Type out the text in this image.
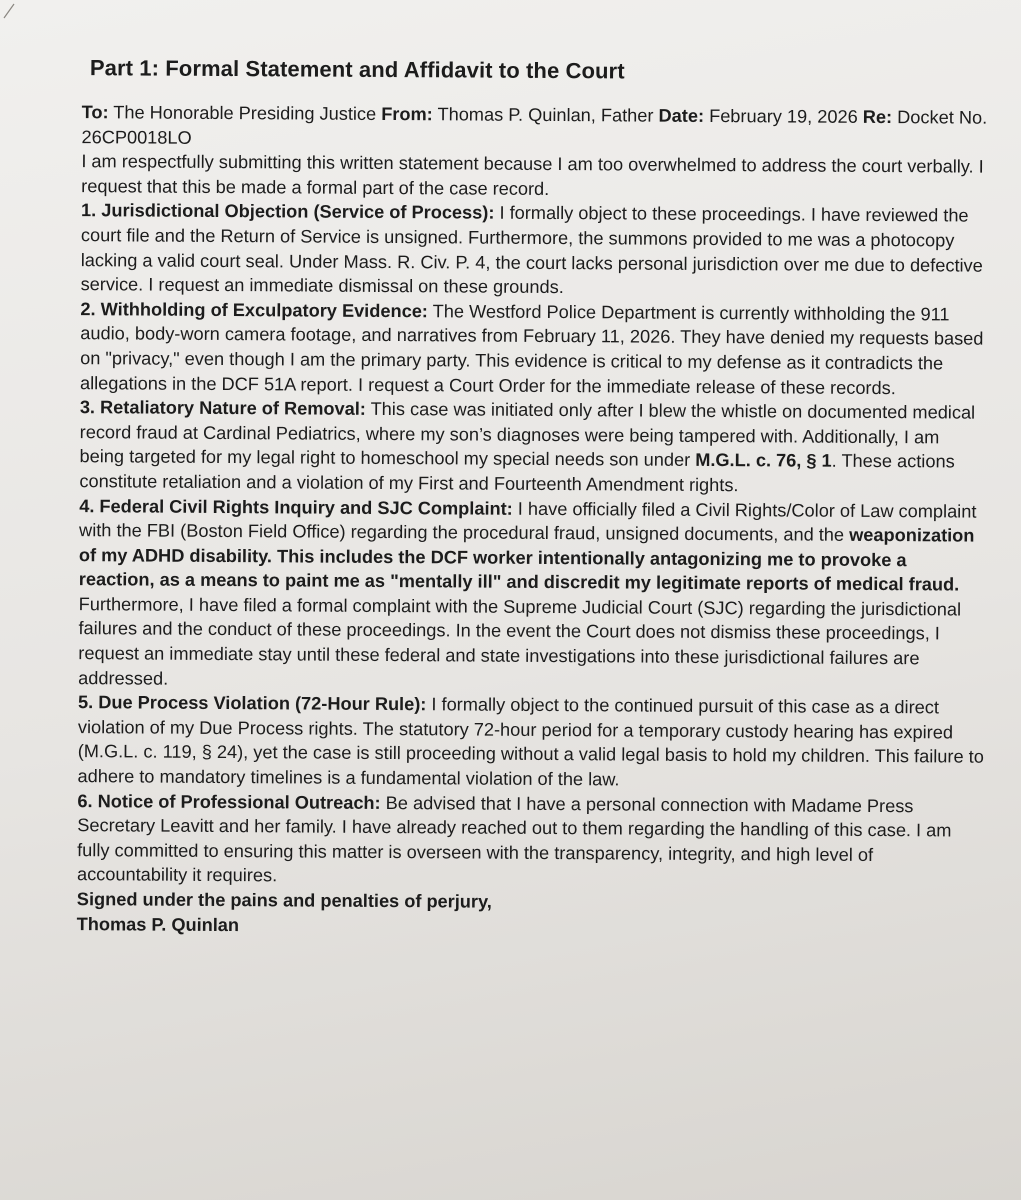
Part 1: Formal Statement and Affidavit to the Court

To: The Honorable Presiding Justice From: Thomas P. Quinlan, Father Date: February 19, 2026 Re: Docket No. 26CP0018LO

I am respectfully submitting this written statement because I am too overwhelmed to address the court verbally. I request that this be made a formal part of the case record.

1. Jurisdictional Objection (Service of Process): I formally object to these proceedings. I have reviewed the court file and the Return of Service is unsigned. Furthermore, the summons provided to me was a photocopy lacking a valid court seal. Under Mass. R. Civ. P. 4, the court lacks personal jurisdiction over me due to defective service. I request an immediate dismissal on these grounds.

2. Withholding of Exculpatory Evidence: The Westford Police Department is currently withholding the 911 audio, body-worn camera footage, and narratives from February 11, 2026. They have denied my requests based on "privacy," even though I am the primary party. This evidence is critical to my defense as it contradicts the allegations in the DCF 51A report. I request a Court Order for the immediate release of these records.

3. Retaliatory Nature of Removal: This case was initiated only after I blew the whistle on documented medical record fraud at Cardinal Pediatrics, where my son’s diagnoses were being tampered with. Additionally, I am being targeted for my legal right to homeschool my special needs son under M.G.L. c. 76, § 1. These actions constitute retaliation and a violation of my First and Fourteenth Amendment rights.

4. Federal Civil Rights Inquiry and SJC Complaint: I have officially filed a Civil Rights/Color of Law complaint with the FBI (Boston Field Office) regarding the procedural fraud, unsigned documents, and the weaponization of my ADHD disability. This includes the DCF worker intentionally antagonizing me to provoke a reaction, as a means to paint me as "mentally ill" and discredit my legitimate reports of medical fraud. Furthermore, I have filed a formal complaint with the Supreme Judicial Court (SJC) regarding the jurisdictional failures and the conduct of these proceedings. In the event the Court does not dismiss these proceedings, I request an immediate stay until these federal and state investigations into these jurisdictional failures are addressed.

5. Due Process Violation (72-Hour Rule): I formally object to the continued pursuit of this case as a direct violation of my Due Process rights. The statutory 72-hour period for a temporary custody hearing has expired (M.G.L. c. 119, § 24), yet the case is still proceeding without a valid legal basis to hold my children. This failure to adhere to mandatory timelines is a fundamental violation of the law.

6. Notice of Professional Outreach: Be advised that I have a personal connection with Madame Press Secretary Leavitt and her family. I have already reached out to them regarding the handling of this case. I am fully committed to ensuring this matter is overseen with the transparency, integrity, and high level of accountability it requires.

Signed under the pains and penalties of perjury,

Thomas P. Quinlan
